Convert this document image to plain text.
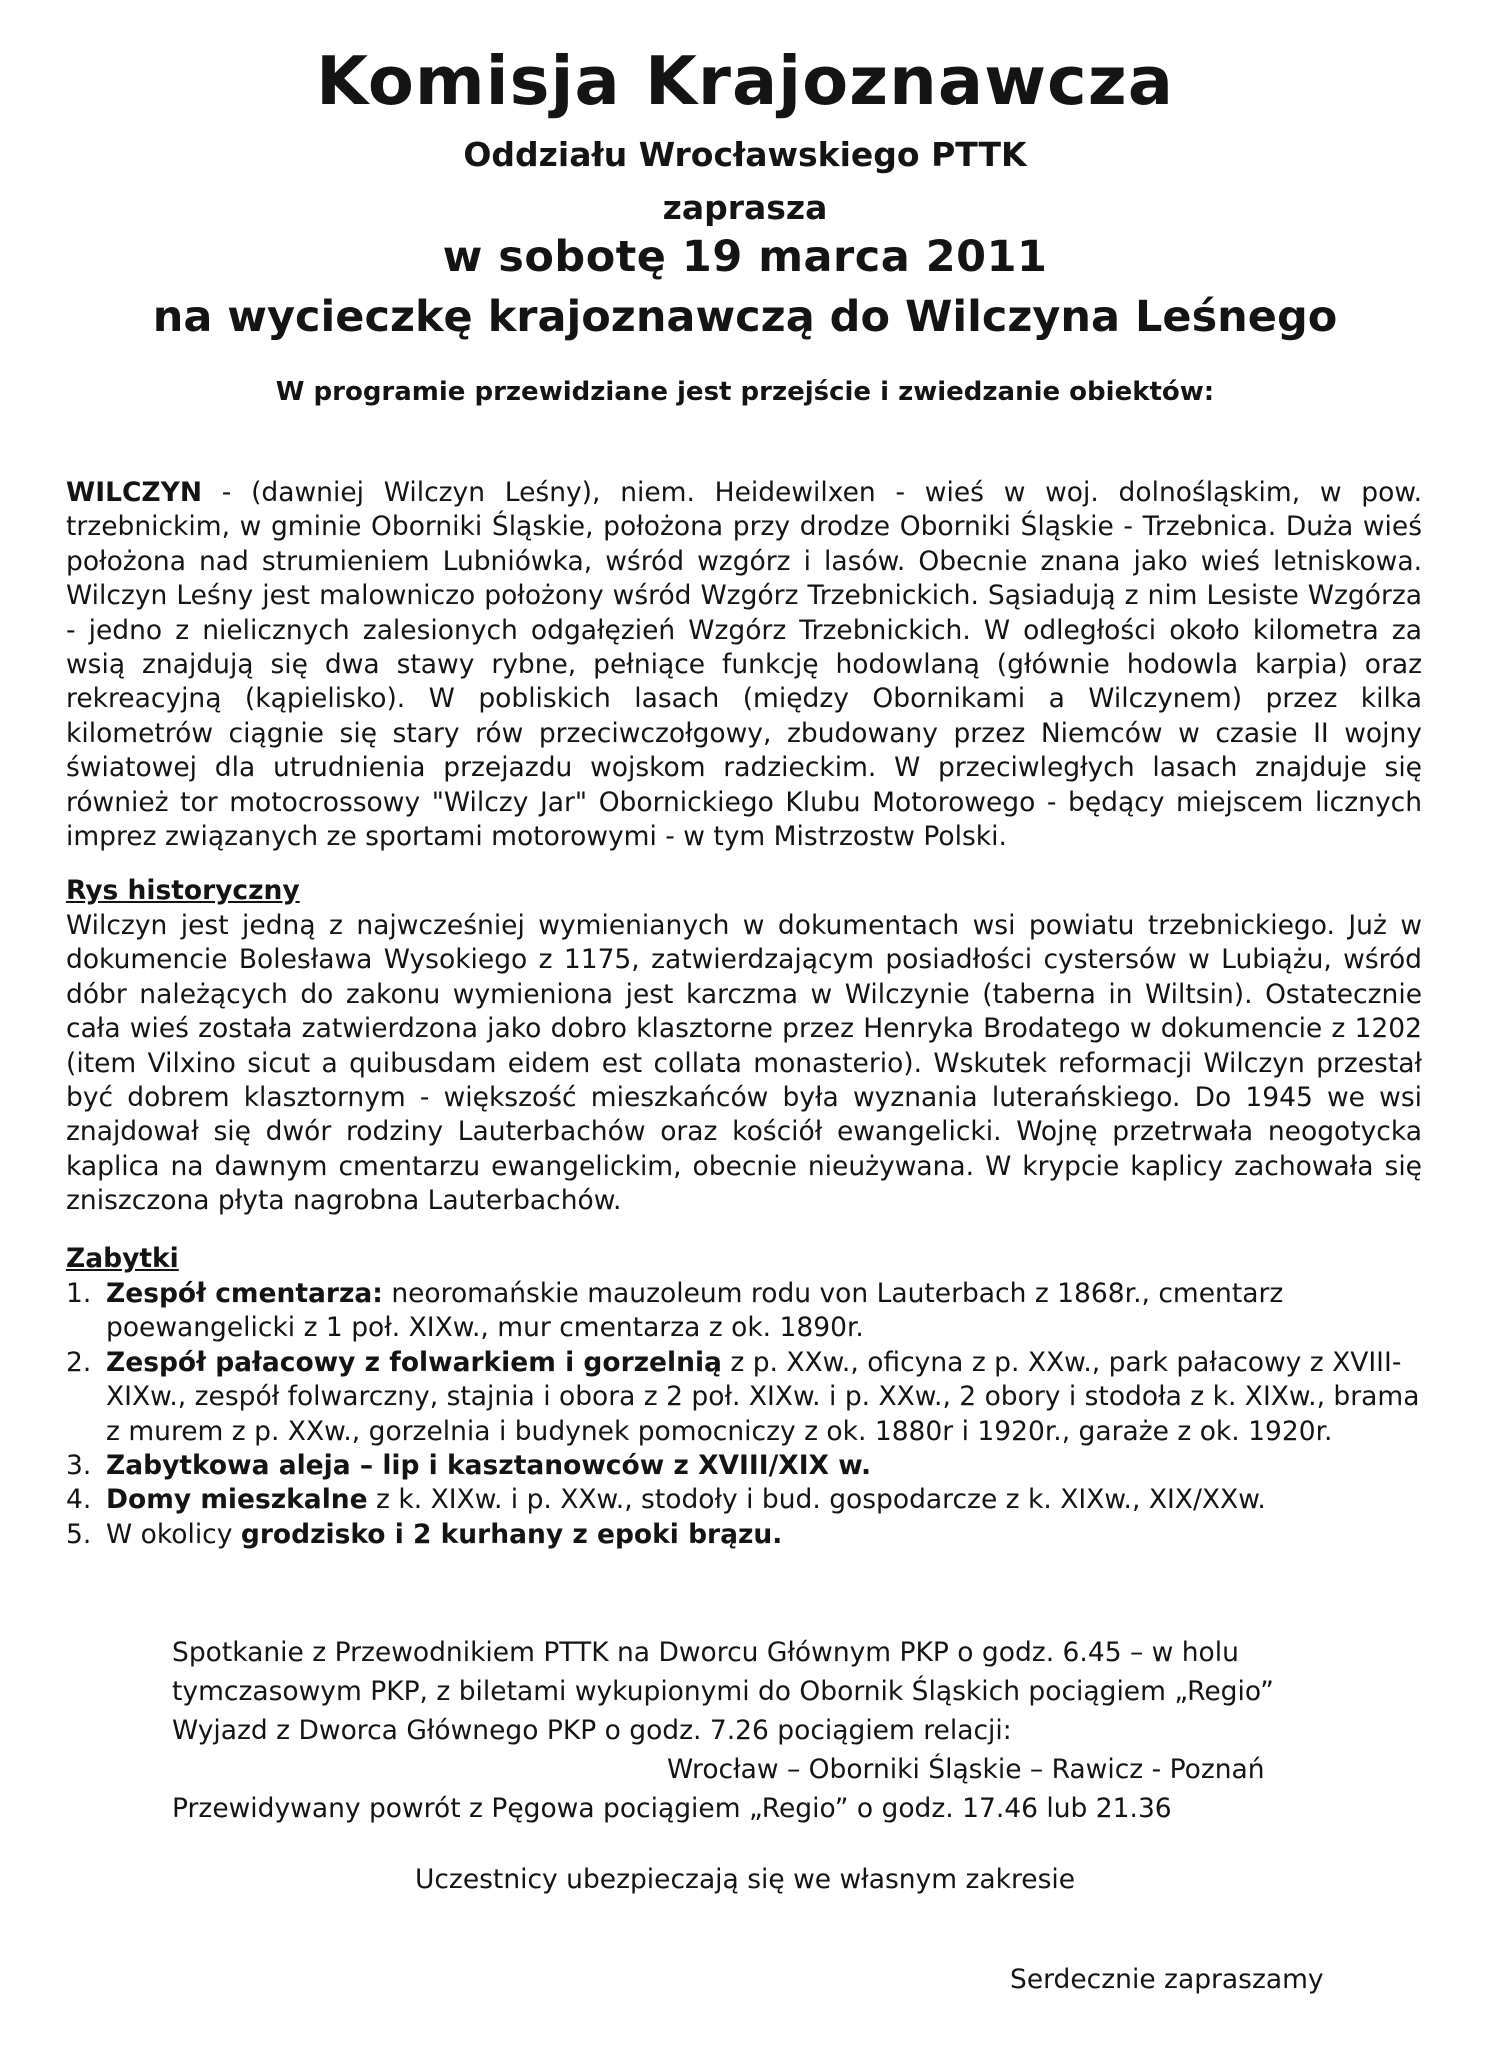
Komisja Krajoznawcza
Oddziału Wrocławskiego PTTK
zaprasza
w sobotę 19 marca 2011
na wycieczkę krajoznawczą do Wilczyna Leśnego
W programie przewidziane jest przejście i zwiedzanie obiektów:

WILCZYN - (dawniej Wilczyn Leśny), niem. Heidewilxen - wieś w woj. dolnośląskim, w pow. trzebnickim, w gminie Oborniki Śląskie, położona przy drodze Oborniki Śląskie - Trzebnica. Duża wieś położona nad strumieniem Lubniówka, wśród wzgórz i lasów. Obecnie znana jako wieś letniskowa. Wilczyn Leśny jest malowniczo położony wśród Wzgórz Trzebnickich. Sąsiadują z nim Lesiste Wzgórza - jedno z nielicznych zalesionych odgałęzień Wzgórz Trzebnickich. W odległości około kilometra za wsią znajdują się dwa stawy rybne, pełniące funkcję hodowlaną (głównie hodowla karpia) oraz rekreacyjną (kąpielisko). W pobliskich lasach (między Obornikami a Wilczynem) przez kilka kilometrów ciągnie się stary rów przeciwczołgowy, zbudowany przez Niemców w czasie II wojny światowej dla utrudnienia przejazdu wojskom radzieckim. W przeciwległych lasach znajduje się również tor motocrossowy "Wilczy Jar" Obornickiego Klubu Motorowego - będący miejscem licznych imprez związanych ze sportami motorowymi - w tym Mistrzostw Polski.

Rys historyczny

Wilczyn jest jedną z najwcześniej wymienianych w dokumentach wsi powiatu trzebnickiego. Już w dokumencie Bolesława Wysokiego z 1175, zatwierdzającym posiadłości cystersów w Lubiążu, wśród dóbr należących do zakonu wymieniona jest karczma w Wilczynie (taberna in Wiltsin). Ostatecznie cała wieś została zatwierdzona jako dobro klasztorne przez Henryka Brodatego w dokumencie z 1202 (item Vilxino sicut a quibusdam eidem est collata monasterio). Wskutek reformacji Wilczyn przestał być dobrem klasztornym - większość mieszkańców była wyznania luterańskiego. Do 1945 we wsi znajdował się dwór rodziny Lauterbachów oraz kościół ewangelicki. Wojnę przetrwała neogotycka kaplica na dawnym cmentarzu ewangelickim, obecnie nieużywana. W krypcie kaplicy zachowała się zniszczona płyta nagrobna Lauterbachów.

Zabytki
1. Zespół cmentarza: neoromańskie mauzoleum rodu von Lauterbach z 1868r., cmentarz poewangelicki z 1 poł. XIXw., mur cmentarza z ok. 1890r.
2. Zespół pałacowy z folwarkiem i gorzelnią z p. XXw., oficyna z p. XXw., park pałacowy z XVIII-XIXw., zespół folwarczny, stajnia i obora z 2 poł. XIXw. i p. XXw., 2 obory i stodoła z k. XIXw., brama z murem z p. XXw., gorzelnia i budynek pomocniczy z ok. 1880r i 1920r., garaże z ok. 1920r.
3. Zabytkowa aleja – lip i kasztanowców z XVIII/XIX w.
4. Domy mieszkalne z k. XIXw. i p. XXw., stodoły i bud. gospodarcze z k. XIXw., XIX/XXw.
5. W okolicy grodzisko i 2 kurhany z epoki brązu.
Spotkanie z Przewodnikiem PTTK na Dworcu Głównym PKP o godz. 6.45 – w holu
tymczasowym PKP, z biletami wykupionymi do Obornik Śląskich pociągiem „Regio”
Wyjazd z Dworca Głównego PKP o godz. 7.26 pociągiem relacji:
Wrocław – Oborniki Śląskie – Rawicz - Poznań
Przewidywany powrót z Pęgowa pociągiem „Regio” o godz. 17.46 lub 21.36
Uczestnicy ubezpieczają się we własnym zakresie
Serdecznie zapraszamy
